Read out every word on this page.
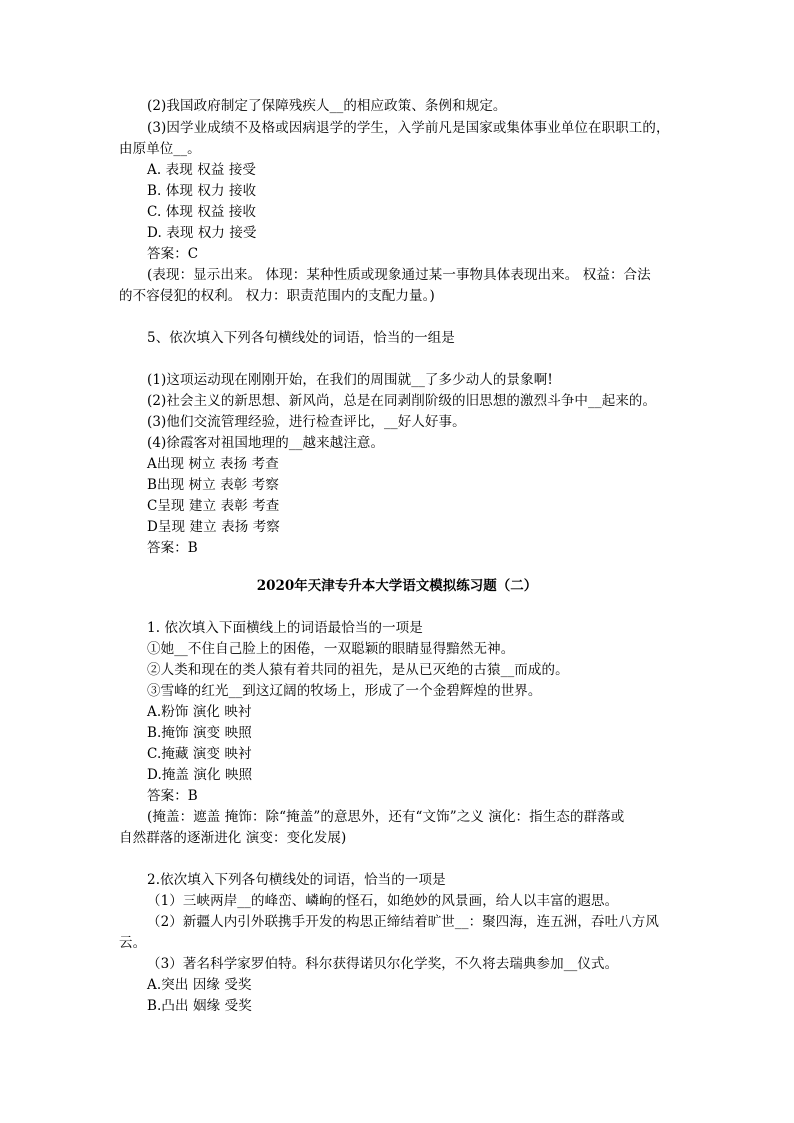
(2)我国政府制定了保障残疾人__的相应政策、条例和规定。
(3)因学业成绩不及格或因病退学的学生，入学前凡是国家或集体事业单位在职职工的，
由原单位__。
A. 表现 权益 接受
B. 体现 权力 接收
C. 体现 权益 接收
D. 表现 权力 接受
答案：C
(表现：显示出来。 体现：某种性质或现象通过某一事物具体表现出来。 权益：合法
的不容侵犯的权利。 权力：职责范围内的支配力量。)
5、依次填入下列各句横线处的词语，恰当的一组是
(1)这项运动现在刚刚开始，在我们的周围就__了多少动人的景象啊!
(2)社会主义的新思想、新风尚，总是在同剥削阶级的旧思想的激烈斗争中__起来的。
(3)他们交流管理经验，进行检查评比，__好人好事。
(4)徐霞客对祖国地理的__越来越注意。
A出现 树立 表扬 考查
B出现 树立 表彰 考察
C呈现 建立 表彰 考查
D呈现 建立 表扬 考察
答案：B
2020年天津专升本大学语文模拟练习题（二）
1. 依次填入下面横线上的词语最恰当的一项是
①她__不住自己脸上的困倦，一双聪颖的眼睛显得黯然无神。
②人类和现在的类人猿有着共同的祖先，是从已灭绝的古猿__而成的。
③雪峰的红光__到这辽阔的牧场上，形成了一个金碧辉煌的世界。
A.粉饰 演化 映衬
B.掩饰 演变 映照
C.掩藏 演变 映衬
D.掩盖 演化 映照
答案：B
(掩盖：遮盖 掩饰：除“掩盖”的意思外，还有“文饰”之义 演化：指生态的群落或
自然群落的逐渐进化 演变：变化发展)
2.依次填入下列各句横线处的词语，恰当的一项是
（1）三峡两岸__的峰峦、嶙峋的怪石，如绝妙的风景画，给人以丰富的遐思。
（2）新疆人内引外联携手开发的构思正缔结着旷世__：聚四海，连五洲，吞吐八方风
云。
（3）著名科学家罗伯特。科尔获得诺贝尔化学奖，不久将去瑞典参加__仪式。
A.突出 因缘 受奖
B.凸出 姻缘 受奖
